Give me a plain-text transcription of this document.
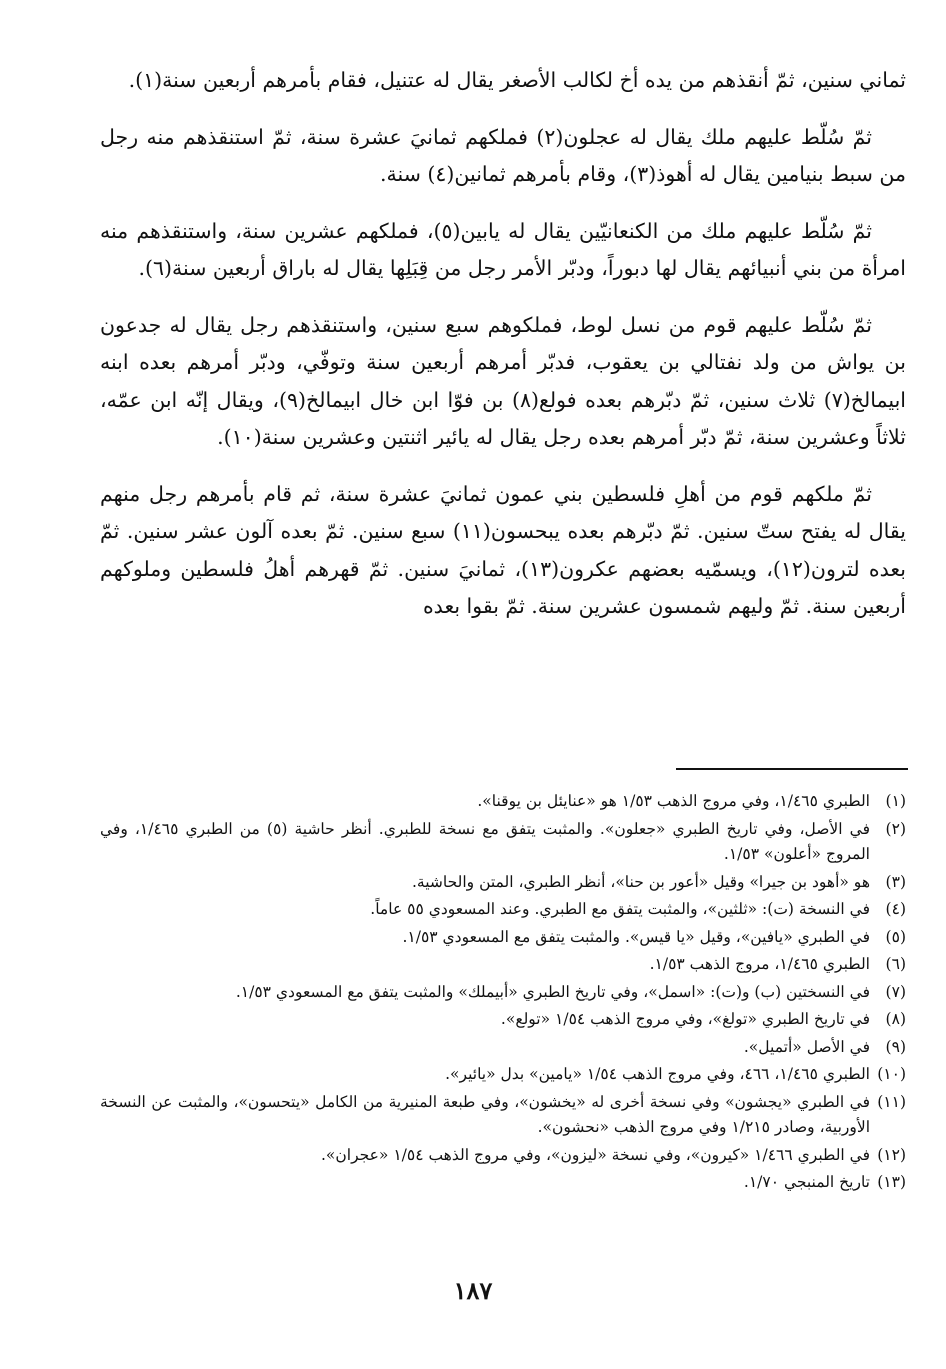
ثماني سنين، ثمّ أنقذهم من يده أخ لكالب الأصغر يقال له عتنيل، فقام بأمرهم أربعين سنة(١).

ثمّ سُلّط عليهم ملك يقال له عجلون(٢) فملكهم ثمانيَ عشرة سنة، ثمّ استنقذهم منه رجل من سبط بنيامين يقال له أهوذ(٣)، وقام بأمرهم ثمانين(٤) سنة.

ثمّ سُلّط عليهم ملك من الكنعانيّين يقال له يابين(٥)، فملكهم عشرين سنة، واستنقذهم منه امرأة من بني أنبيائهم يقال لها دبوراً، ودبّر الأمر رجل من قِبَلِها يقال له باراق أربعين سنة(٦).

ثمّ سُلّط عليهم قوم من نسل لوط، فملكوهم سبع سنين، واستنقذهم رجل يقال له جدعون بن يواش من ولد نفتالي بن يعقوب، فدبّر أمرهم أربعين سنة وتوفّي، ودبّر أمرهم بعده ابنه ابيمالخ(٧) ثلاث سنين، ثمّ دبّرهم بعده فولع(٨) بن فوّا ابن خال ابيمالخ(٩)، ويقال إنّه ابن عمّه، ثلاثاً وعشرين سنة، ثمّ دبّر أمرهم بعده رجل يقال له يائير اثنتين وعشرين سنة(١٠).

ثمّ ملكهم قوم من أهلِ فلسطين بني عمون ثمانيَ عشرة سنة، ثم قام بأمرهم رجل منهم يقال له يفتح ستّ سنين. ثمّ دبّرهم بعده يبحسون(١١) سبع سنين. ثمّ بعده آلون عشر سنين. ثمّ بعده لترون(١٢)، ويسمّيه بعضهم عكرون(١٣)، ثمانيَ سنين. ثمّ قهرهم أهلُ فلسطين وملوكهم أربعين سنة. ثمّ وليهم شمسون عشرين سنة. ثمّ بقوا بعده

(١)
الطبري ١/٤٦٥، وفي مروج الذهب ١/٥٣ هو «عنايئل بن يوقنا».
(٢)
في الأصل، وفي تاريخ الطبري «جعلون». والمثبت يتفق مع نسخة للطبري. أنظر حاشية (٥) من الطبري ١/٤٦٥، وفي المروج «أعلون» ١/٥٣.
(٣)
هو «أهود بن جيرا» وقيل «أعور بن حنا»، أنظر الطبري، المتن والحاشية.
(٤)
في النسخة (ت): «ثلثين»، والمثبت يتفق مع الطبري. وعند المسعودي ٥٥ عاماً.
(٥)
في الطبري «يافين»، وقيل «يا قيس». والمثبت يتفق مع المسعودي ١/٥٣.
(٦)
الطبري ١/٤٦٥، مروج الذهب ١/٥٣.
(٧)
في النسختين (ب) و(ت): «اسمل»، وفي تاريخ الطبري «أبيملك» والمثبت يتفق مع المسعودي ١/٥٣.
(٨)
في تاريخ الطبري «تولغ»، وفي مروج الذهب ١/٥٤ «تولع».
(٩)
في الأصل «أتميل».
(١٠)
الطبري ١/٤٦٥، ٤٦٦، وفي مروج الذهب ١/٥٤ «يامين» بدل «يائير».
(١١)
في الطبري «يجشون» وفي نسخة أخرى له «يخشون»، وفي طبعة المنيرية من الكامل «يتحسون»، والمثبت عن النسخة الأوربية، وصادر ١/٢١٥ وفي مروج الذهب «نحشون».
(١٢)
في الطبري ١/٤٦٦ «كيرون»، وفي نسخة «ليزون»، وفي مروج الذهب ١/٥٤ «عجران».
(١٣)
تاريخ المنبجي ١/٧٠.
١٨٧
